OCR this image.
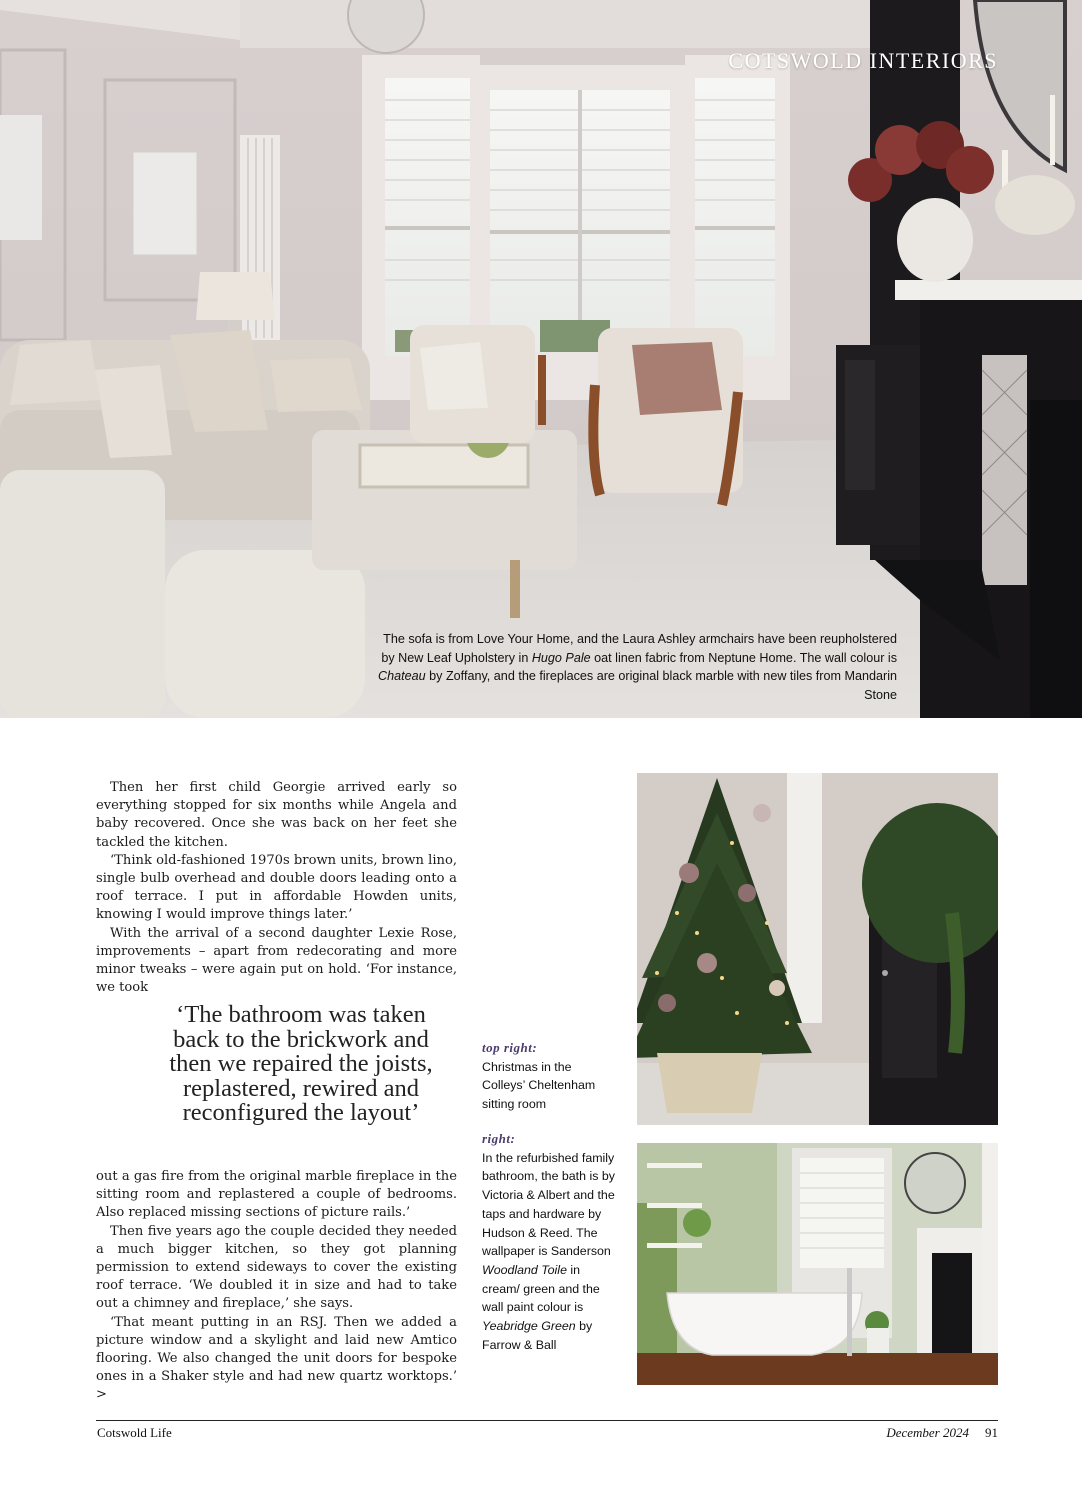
COTSWOLD INTERIORS
The sofa is from Love Your Home, and the Laura Ashley armchairs have been reupholstered by New Leaf Upholstery in Hugo Pale oat linen fabric from Neptune Home. The wall colour is Chateau by Zoffany, and the fireplaces are original black marble with new tiles from Mandarin Stone

Then her first child Georgie arrived early so everything stopped for six months while Angela and baby recovered. Once she was back on her feet she tackled the kitchen.

‘Think old-fashioned 1970s brown units, brown lino, single bulb overhead and double doors leading onto a roof terrace. I put in affordable Howden units, knowing I would improve things later.’

With the arrival of a second daughter Lexie Rose, improvements – apart from redecorating and more minor tweaks – were again put on hold. ‘For instance, we took

‘The bathroom was taken
back to the brickwork and
then we repaired the joists,
replastered, rewired and
reconfigured the layout’

out a gas fire from the original marble fireplace in the sitting room and replastered a couple of bedrooms. Also replaced missing sections of picture rails.’

Then five years ago the couple decided they needed a much bigger kitchen, so they got planning permission to extend sideways to cover the existing roof terrace. ‘We doubled it in size and had to take out a chimney and fireplace,’ she says.

‘That meant putting in an RSJ. Then we added a picture window and a skylight and laid new Amtico flooring. We also changed the unit doors for bespoke ones in a Shaker style and had new quartz worktops.’ >

top right:
Christmas in the Colleys’ Cheltenham sitting room
right:
In the refurbished family bathroom, the bath is by Victoria & Albert and the taps and hardware by Hudson & Reed. The wallpaper is Sanderson Woodland Toile in cream/ green and the wall paint colour is Yeabridge Green by Farrow & Ball
Cotswold Life	December 2024 91
